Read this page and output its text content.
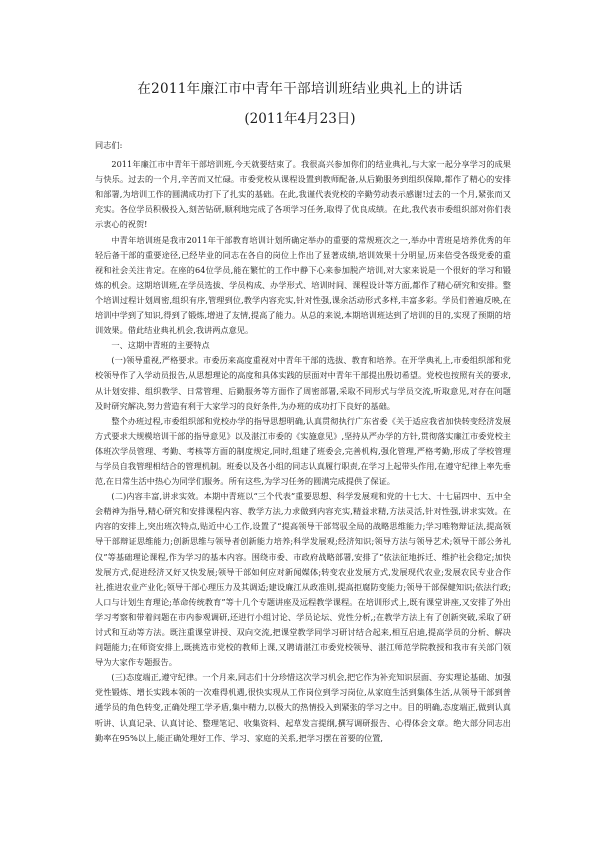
在2011年廉江市中青年干部培训班结业典礼上的讲话
(2011年4月23日)

同志们:

2011年廉江市中青年干部培训班,今天就要结束了。我很高兴参加你们的结业典礼,与大家一起分享学习的成果与快乐。过去的一个月,辛苦而又忙碌。市委党校从课程设置到教师配备,从后勤服务到组织保障,都作了精心的安排和部署,为培训工作的圆满成功打下了扎实的基础。在此,我谨代表党校的辛勤劳动表示感谢!过去的一个月,紧张而又充实。各位学员积极投入,刻苦钻研,顺利地完成了各项学习任务,取得了优良成绩。在此,我代表市委组织部对你们表示衷心的祝贺!

中青年培训班是我市2011年干部教育培训计划所确定举办的重要的常规班次之一,举办中青班是培养优秀的年轻后备干部的重要途径,已经毕业的同志在各自的岗位上作出了显著成绩,培训效果十分明显,历来倍受各级党委的重视和社会关注肯定。在座的64位学员,能在繁忙的工作中静下心来参加脱产培训,对大家来说是一个很好的学习和锻炼的机会。这期培训班,在学员选拔、学员构成、办学形式、培训时间、课程设计等方面,都作了精心研究和安排。整个培训过程计划周密,组织有序,管理到位,教学内容充实,针对性强,课余活动形式多样,丰富多彩。学员们普遍反映,在培训中学到了知识,得到了锻炼,增进了友情,提高了能力。从总的来说,本期培训班达到了培训的目的,实现了预期的培训效果。借此结业典礼机会,我讲两点意见。

一、这期中青班的主要特点

(一)领导重视,严格要求。市委历来高度重视对中青年干部的选拔、教育和培养。在开学典礼上,市委组织部和党校领导作了入学动员报告,从思想理论的高度和具体实践的层面对中青年干部提出殷切希望。党校也按照有关的要求,从计划安排、组织教学、日常管理、后勤服务等方面作了周密部署,采取不同形式与学员交流,听取意见,对存在问题及时研究解决,努力营造有利于大家学习的良好条件,为办班的成功打下良好的基础。

整个办班过程,市委组织部和党校办学的指导思想明确,认真贯彻执行广东省委《关于适应我省加快转变经济发展方式要求大规模培训干部的指导意见》以及湛江市委的《实施意见》,坚持从严办学的方针,贯彻落实廉江市委党校主体班次学员管理、考勤、考核等方面的制度规定,同时,组建了班委会,完善机构,强化管理,严格考勤,形成了学校管理与学员自我管理相结合的管理机制。班委以及各小组的同志认真履行职责,在学习上起带头作用,在遵守纪律上率先垂范,在日常生活中热心为同学们服务。所有这些,为学习任务的圆满完成提供了保证。

(二)内容丰富,讲求实效。本期中青班以“三个代表”重要思想、科学发展观和党的十七大、十七届四中、五中全会精神为指导,精心研究和安排课程内容、教学方法,力求做到内容充实,精益求精,方法灵活,针对性强,讲求实效。在内容的安排上,突出班次特点,贴近中心工作,设置了“提高领导干部驾驭全局的战略思维能力;学习唯物辩证法,提高领导干部辩证思维能力;创新思维与领导者创新能力培养;科学发展观;经济知识;领导方法与领导艺术;领导干部公务礼仪”等基础理论课程,作为学习的基本内容。围绕市委、市政府战略部署,安排了“依法征地拆迁、维护社会稳定;加快发展方式,促进经济又好又快发展;领导干部如何应对新闻媒体;转变农业发展方式,发展现代农业;发展农民专业合作社,推进农业产业化;领导干部心理压力及其调适;建设廉江从政准则,提高拒腐防变能力;领导干部保健知识;依法行政;人口与计划生育理论;革命传统教育”等十几个专题讲座及远程教学课程。在培训形式上,既有课堂讲座,又安排了外出学习考察和带着问题在市内参观调研,还进行小组讨论、学员论坛、党性分析,;在教学方法上有了创新突破,采取了研讨式和互动等方法。既注重课堂讲授、双向交流,把课堂教学同学习研讨结合起来,相互启迪,提高学员的分析、解决问题能力;在师资安排上,既挑选市党校的教师上课,又聘请湛江市委党校领导、湛江师范学院教授和我市有关部门领导为大家作专题报告。

(三)态度端正,遵守纪律。一个月来,同志们十分珍惜这次学习机会,把它作为补充知识层面、夯实理论基础、加强党性锻炼、增长实践本领的一次难得机遇,很快实现从工作岗位到学习岗位,从家庭生活到集体生活,从领导干部到普通学员的角色转变,正确处理工学矛盾,集中精力,以极大的热情投入到紧张的学习之中。目的明确,态度端正,做到认真听讲、认真记录、认真讨论、整理笔记、收集资料、起草发言提纲,撰写调研报告、心得体会文章。绝大部分同志出勤率在95%以上,能正确处理好工作、学习、家庭的关系,把学习摆在首要的位置,
